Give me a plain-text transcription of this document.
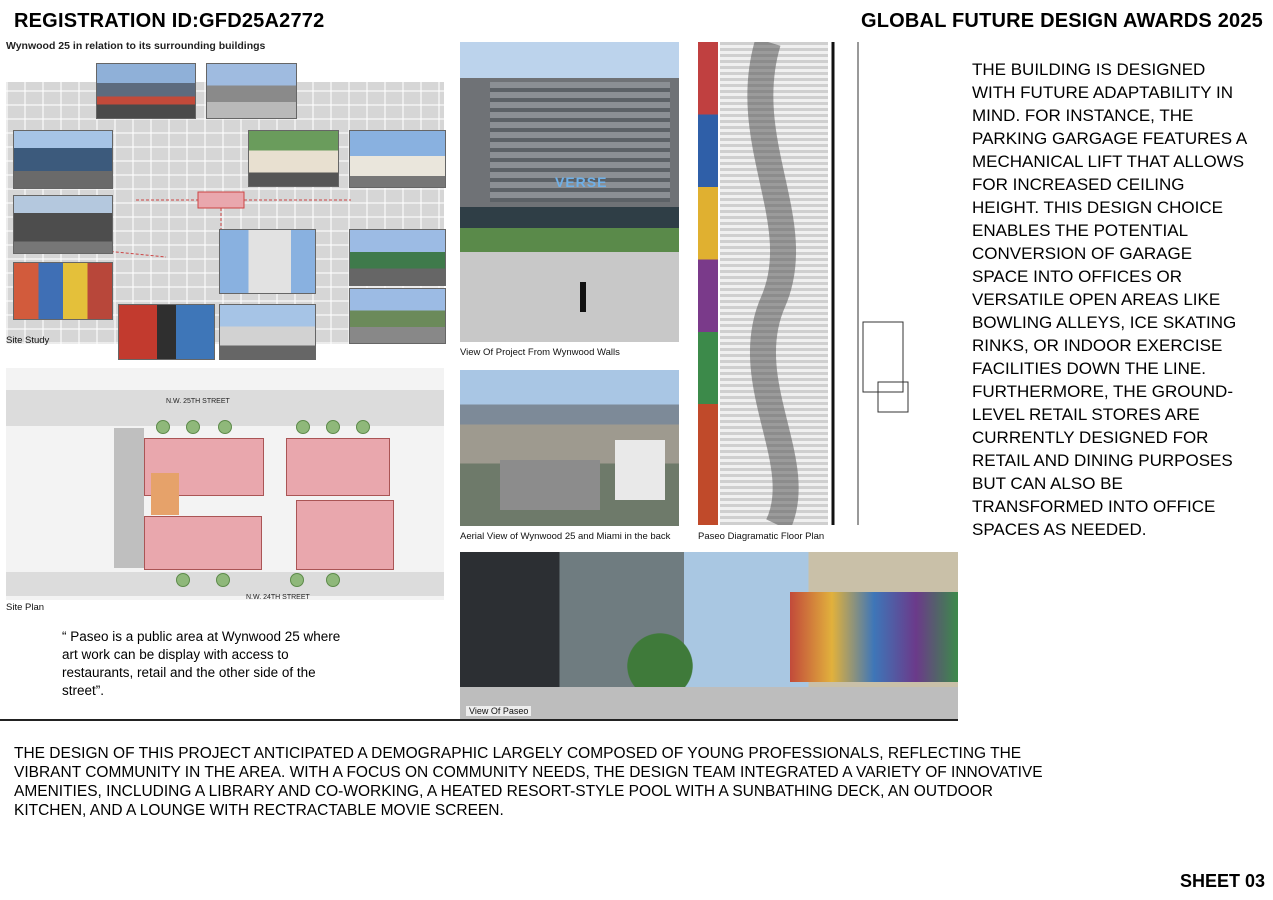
REGISTRATION ID:GFD25A2772	GLOBAL FUTURE DESIGN AWARDS 2025
Wynwood 25 in relation to its surrounding buildings
Site Study
N.W. 25TH STREET
N.W. 24TH STREET
Site Plan
“ Paseo is a public area at Wynwood 25 where art work can be display with access to restaurants, retail and the other side of the street”.
VERSE
View Of Project From Wynwood Walls
Aerial View of Wynwood 25 and Miami in the back	Paseo Diagramatic Floor Plan
View Of Paseo
THE BUILDING IS DESIGNED WITH FUTURE ADAPTABILITY IN MIND. FOR INSTANCE, THE PARKING GARGAGE FEATURES A MECHANICAL LIFT THAT ALLOWS FOR INCREASED CEILING HEIGHT. THIS DESIGN CHOICE ENABLES THE POTENTIAL CONVERSION OF GARAGE SPACE INTO OFFICES OR VERSATILE OPEN AREAS LIKE BOWLING ALLEYS, ICE SKATING RINKS, OR INDOOR EXERCISE FACILITIES DOWN THE LINE. FURTHERMORE, THE GROUND-LEVEL RETAIL STORES ARE CURRENTLY DESIGNED FOR RETAIL AND DINING PURPOSES BUT CAN ALSO BE TRANSFORMED INTO OFFICE SPACES AS NEEDED.
THE DESIGN OF THIS PROJECT ANTICIPATED A DEMOGRAPHIC LARGELY COMPOSED OF YOUNG PROFESSIONALS, REFLECTING THE VIBRANT COMMUNITY IN THE AREA. WITH A FOCUS ON COMMUNITY NEEDS, THE DESIGN TEAM INTEGRATED A VARIETY OF INNOVATIVE AMENITIES, INCLUDING A LIBRARY AND CO-WORKING, A HEATED RESORT-STYLE POOL WITH A SUNBATHING DECK, AN OUTDOOR KITCHEN, AND A LOUNGE WITH RECTRACTABLE MOVIE SCREEN.
SHEET 03
